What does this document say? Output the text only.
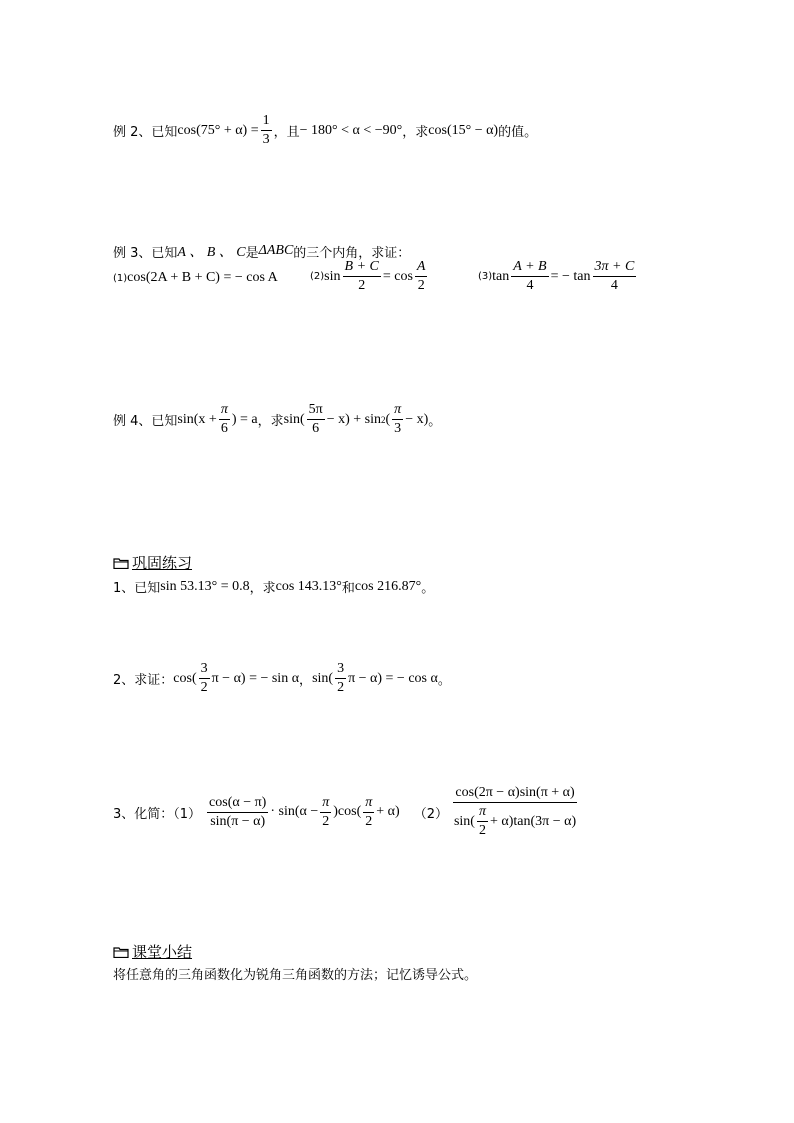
例 2、已知 $\cos(75^\circ + \alpha) = \frac{1}{3}$ ，且 − 180° < α < −90° ，求 cos(15° − α) 的值。
例 3、已知 A 、 B 、 C 是 ΔABC 的三个内角，求证：
(1) cos(2A + B + C) = − cos A	(2) $\sin \frac{B + C}{2} = \cos \frac{A}{2}$	(3) $\tan \frac{A + B}{4}$ = − $\tan \frac{3\pi + C}{4}$
例 4、已知 $\sin(x + \frac{\pi}{6}$ ) = a ，求 $\sin( \frac{5\pi}{6} - x) + \sin 2$ ( $\frac{\pi}{3} - x$) 。
巩固练习
1、已知 sin 53.13° = 0.8 ，求 cos 143.13° 和 cos 216.87° 。
2、求证： $\cos( \frac{3}{2}$ π − α) = − sin α ， $\sin( \frac{3}{2}$ π − α) = − cos α 。
3、化简：$(1) \frac{\cos(\alpha - \pi)}{\sin(\pi - \alpha)} \cdot \sin(\alpha - \frac{\pi}{2} )\cos( \frac{\pi}{2} + \alpha)$ $(2) \frac{\cos(2\pi - \alpha)\sin(\pi + \alpha)}{\sin( \frac{\pi}{2} + \alpha)\tan(3\pi - \alpha)}$
课堂小结
将任意角的三角函数化为锐角三角函数的方法；记忆诱导公式。
